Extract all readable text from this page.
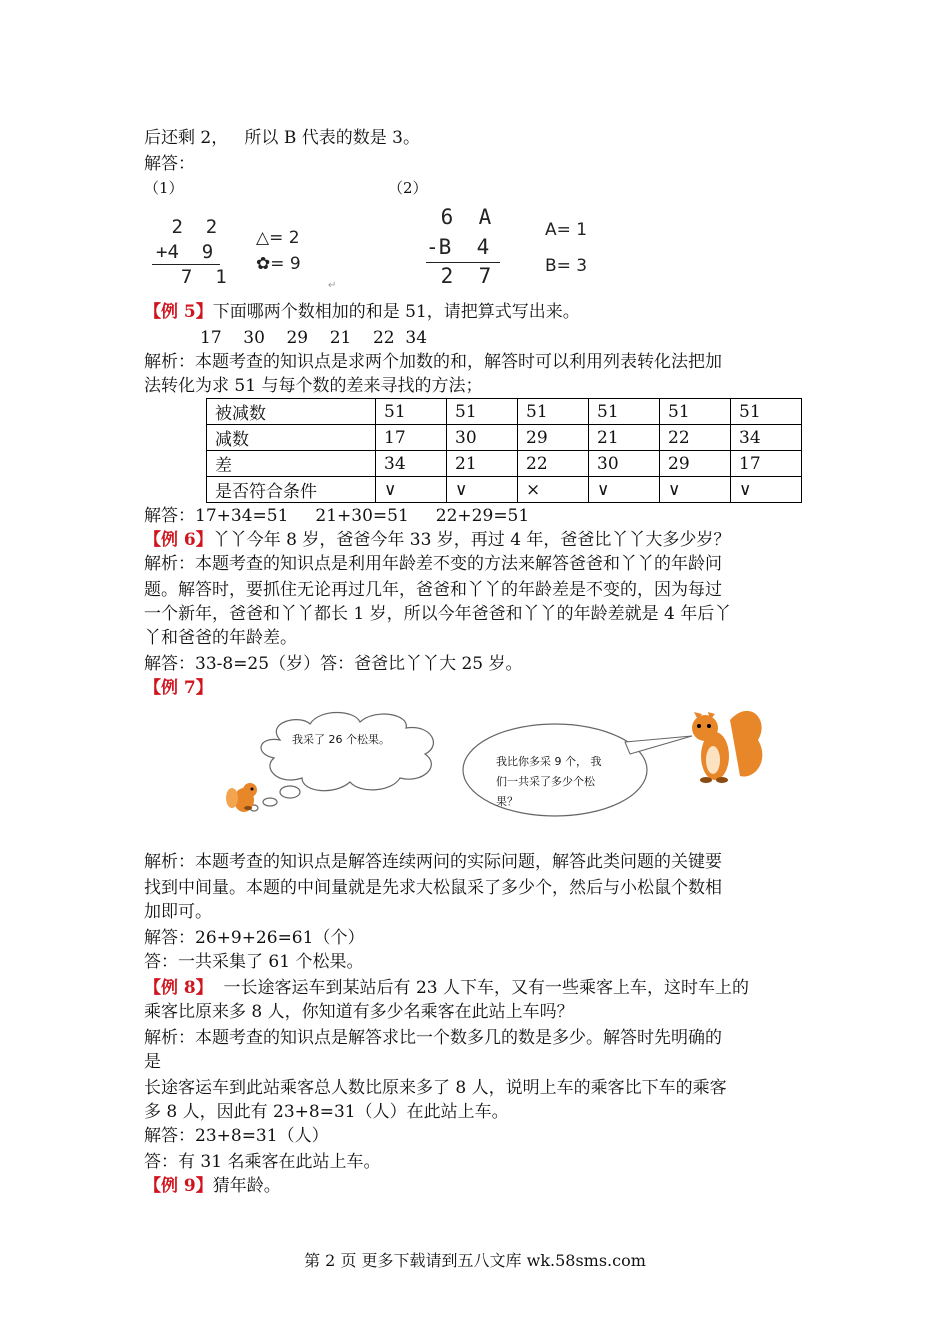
后还剩 2，   所以 B 代表的数是 3。
解答：
（1）	（2）
2  2
+4  9
7  1
△= 2
✿= 9
↵
6  A
-B  4
2  7
A= 1
B= 3
【例 5】下面哪两个数相加的和是 51，请把算式写出来。
17    30    29    21    22  34
解析：本题考查的知识点是求两个加数的和，解答时可以利用列表转化法把加
法转化为求 51 与每个数的差来寻找的方法；
被减数	51	51	51	51	51	51
减数	17	30	29	21	22	34
差	34	21	22	30	29	17
是否符合条件	∨	∨	×	∨	∨	∨
解答：17+34=51     21+30=51     22+29=51
【例 6】丫丫今年 8 岁，爸爸今年 33 岁，再过 4 年，爸爸比丫丫大多少岁？
解析：本题考查的知识点是利用年龄差不变的方法来解答爸爸和丫丫的年龄问
题。解答时，要抓住无论再过几年，爸爸和丫丫的年龄差是不变的，因为每过
一个新年，爸爸和丫丫都长 1 岁，所以今年爸爸和丫丫的年龄差就是 4 年后丫
丫和爸爸的年龄差。
解答：33-8=25（岁）答：爸爸比丫丫大 25 岁。
【例 7】
我采了 26 个松果。
我比你多采 9 个， 我
们一共采了多少个松
果？
解析：本题考查的知识点是解答连续两问的实际问题，解答此类问题的关键要
找到中间量。本题的中间量就是先求大松鼠采了多少个，然后与小松鼠个数相
加即可。
解答：26+9+26=61（个）
答：一共采集了 61 个松果。
【例 8】  一长途客运车到某站后有 23 人下车，又有一些乘客上车，这时车上的
乘客比原来多 8 人，你知道有多少名乘客在此站上车吗？
解析：本题考查的知识点是解答求比一个数多几的数是多少。解答时先明确的
是
长途客运车到此站乘客总人数比原来多了 8 人，说明上车的乘客比下车的乘客
多 8 人，因此有 23+8=31（人）在此站上车。
解答：23+8=31（人）
答：有 31 名乘客在此站上车。
【例 9】猜年龄。
第 2 页 更多下载请到五八文库 wk.58sms.com
